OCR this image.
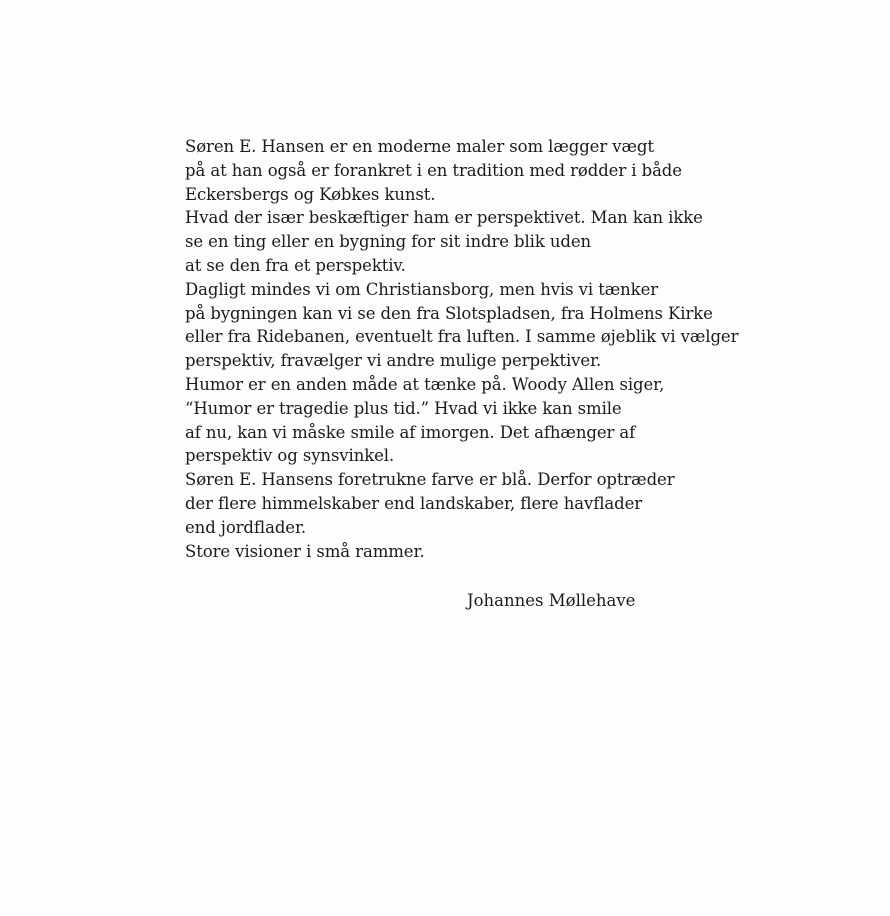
Søren E. Hansen er en moderne maler som lægger vægt
på at han også er forankret i en tradition med rødder i både
Eckersbergs og Købkes kunst.
Hvad der især beskæftiger ham er perspektivet. Man kan ikke
se en ting eller en bygning for sit indre blik uden
at se den fra et perspektiv.
Dagligt mindes vi om Christiansborg, men hvis vi tænker
på bygningen kan vi se den fra Slotspladsen, fra Holmens Kirke
eller fra Ridebanen, eventuelt fra luften. I samme øjeblik vi vælger
perspektiv, fravælger vi andre mulige perpektiver.
Humor er en anden måde at tænke på. Woody Allen siger,
“Humor er tragedie plus tid.” Hvad vi ikke kan smile
af nu, kan vi måske smile af imorgen. Det afhænger af
perspektiv og synsvinkel.
Søren E. Hansens foretrukne farve er blå. Derfor optræder
der flere himmelskaber end landskaber, flere havflader
end jordflader.
Store visioner i små rammer.

Johannes Møllehave
